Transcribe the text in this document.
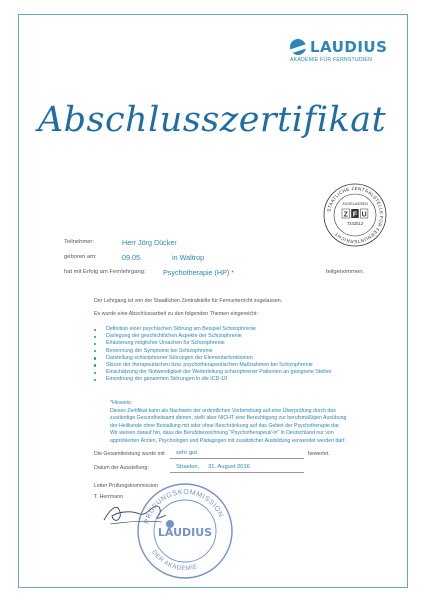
LAUDIUS
AKADEMIE FÜR FERNSTUDIEN
Abschlusszertifikat
STAATLICHE ZENTRALSTELLE FÜR FERNUNTERRICHT
ZUGELASSEN
Z F U
7242512
Teilnehmer:	Herr Jörg Dücker
geboren am:	09.05.	in Waltrop
hat mit Erfolg am Fernlehrgang: Psychotherapie (HP) *	teilgenommen.
Der Lehrgang ist von der Staatlichen Zentralstelle für Fernunterricht zugelassen.
Es wurde eine Abschlussarbeit zu den folgenden Themen eingereicht:
Definition einer psychischen Störung am Beispiel Schizophrenie
Darlegung der geschichtlichen Aspekte der Schizophrenie
Erläuterung möglicher Ursachen für Schizophrenie
Benennung der Symptome bei Schizophrenie
Darstellung schizophrener Störungen der Elementarfunktionen
Skizze der therapeutischen bzw. psychotherapeutischen Maßnahmen bei Schizophrenie
Einschätzung der Notwendigkeit der Weiterleitung schizophrener Patienten an geeignete Stellen
Einordnung der genannten Störungen in die ICD-10
*Hinweis:
Dieses Zertifikat kann als Nachweis der ordentlichen Vorbereitung auf eine Überprüfung durch das
zuständige Gesundheitsamt dienen, stellt aber NICHT eine Berechtigung zur berufsmäßigen Ausübung
der Heilkunde ohne Bestallung mit oder ohne Beschränkung auf das Gebiet der Psychotherapie dar.
Wir weisen darauf hin, dass die Berufsbezeichnung "Psychotherapeut/-in" in Deutschland nur von
approbierten Ärzten, Psychologen und Pädagogen mit zusätzlicher Ausbildung verwendet werden darf.
Die Gesamtleistung wurde mit sehr gut	bewertet.
Datum der Ausstellung:	Straelen, 31. August 2016
Leiter Prüfungskommission
T. Herrmann
PRÜFUNGSKOMMISSION
DER AKADEMIE
LAUDIUS
